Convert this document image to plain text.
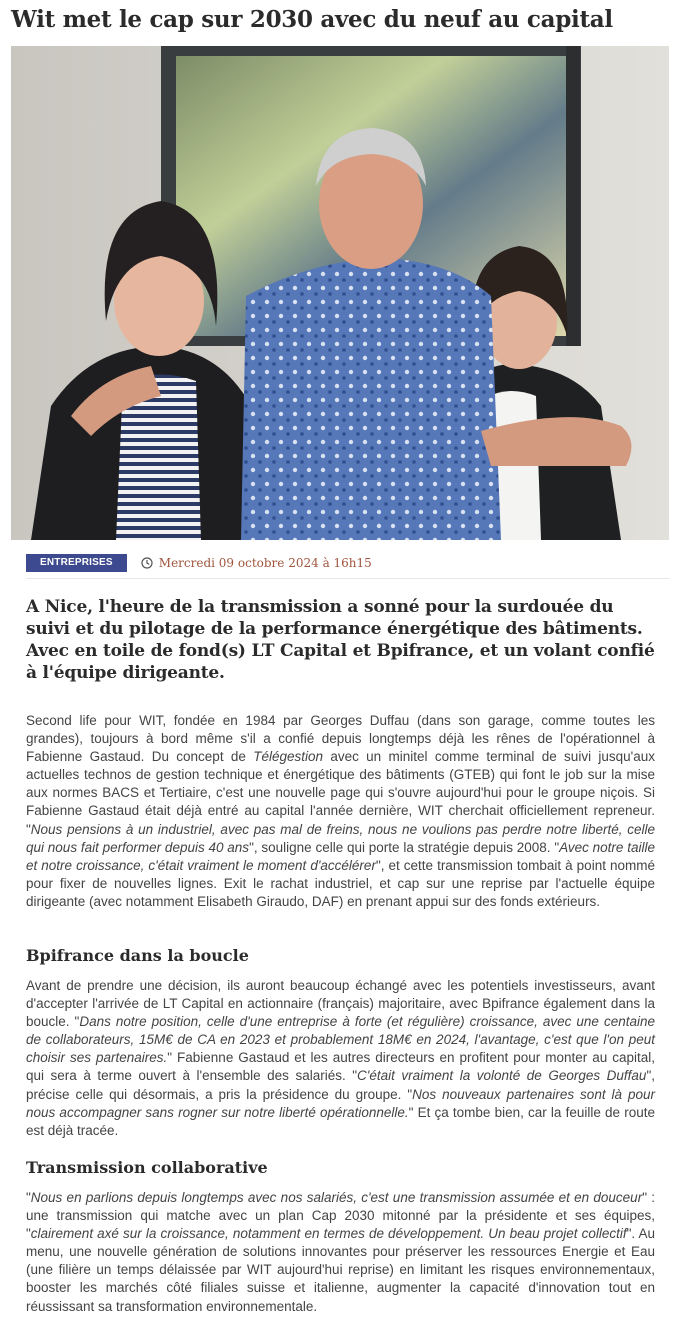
Wit met le cap sur 2030 avec du neuf au capital
ENTREPRISES	Mercredi 09 octobre 2024 à 16h15

A Nice, l'heure de la transmission a sonné pour la surdouée du suivi et du pilotage de la performance énergétique des bâtiments. Avec en toile de fond(s) LT Capital et Bpifrance, et un volant confié à l'équipe dirigeante.

Second life pour WIT, fondée en 1984 par Georges Duffau (dans son garage, comme toutes les grandes), toujours à bord même s'il a confié depuis longtemps déjà les rênes de l'opérationnel à Fabienne Gastaud. Du concept de Télégestion avec un minitel comme terminal de suivi jusqu'aux actuelles technos de gestion technique et énergétique des bâtiments (GTEB) qui font le job sur la mise aux normes BACS et Tertiaire, c'est une nouvelle page qui s'ouvre aujourd'hui pour le groupe niçois. Si Fabienne Gastaud était déjà entré au capital l'année dernière, WIT cherchait officiellement repreneur. "Nous pensions à un industriel, avec pas mal de freins, nous ne voulions pas perdre notre liberté, celle qui nous fait performer depuis 40 ans", souligne celle qui porte la stratégie depuis 2008. "Avec notre taille et notre croissance, c'était vraiment le moment d'accélérer", et cette transmission tombait à point nommé pour fixer de nouvelles lignes. Exit le rachat industriel, et cap sur une reprise par l'actuelle équipe dirigeante (avec notamment Elisabeth Giraudo, DAF) en prenant appui sur des fonds extérieurs.

Bpifrance dans la boucle

Avant de prendre une décision, ils auront beaucoup échangé avec les potentiels investisseurs, avant d'accepter l'arrivée de LT Capital en actionnaire (français) majoritaire, avec Bpifrance également dans la boucle. "Dans notre position, celle d'une entreprise à forte (et régulière) croissance, avec une centaine de collaborateurs, 15M€ de CA en 2023 et probablement 18M€ en 2024, l'avantage, c'est que l'on peut choisir ses partenaires." Fabienne Gastaud et les autres directeurs en profitent pour monter au capital, qui sera à terme ouvert à l'ensemble des salariés. "C'était vraiment la volonté de Georges Duffau", précise celle qui désormais, a pris la présidence du groupe. "Nos nouveaux partenaires sont là pour nous accompagner sans rogner sur notre liberté opérationnelle." Et ça tombe bien, car la feuille de route est déjà tracée.

Transmission collaborative

"Nous en parlions depuis longtemps avec nos salariés, c'est une transmission assumée et en douceur" : une transmission qui matche avec un plan Cap 2030 mitonné par la présidente et ses équipes, "clairement axé sur la croissance, notamment en termes de développement. Un beau projet collectif". Au menu, une nouvelle génération de solutions innovantes pour préserver les ressources Energie et Eau (une filière un temps délaissée par WIT aujourd'hui reprise) en limitant les risques environnementaux, booster les marchés côté filiales suisse et italienne, augmenter la capacité d'innovation tout en réussissant sa transformation environnementale.
